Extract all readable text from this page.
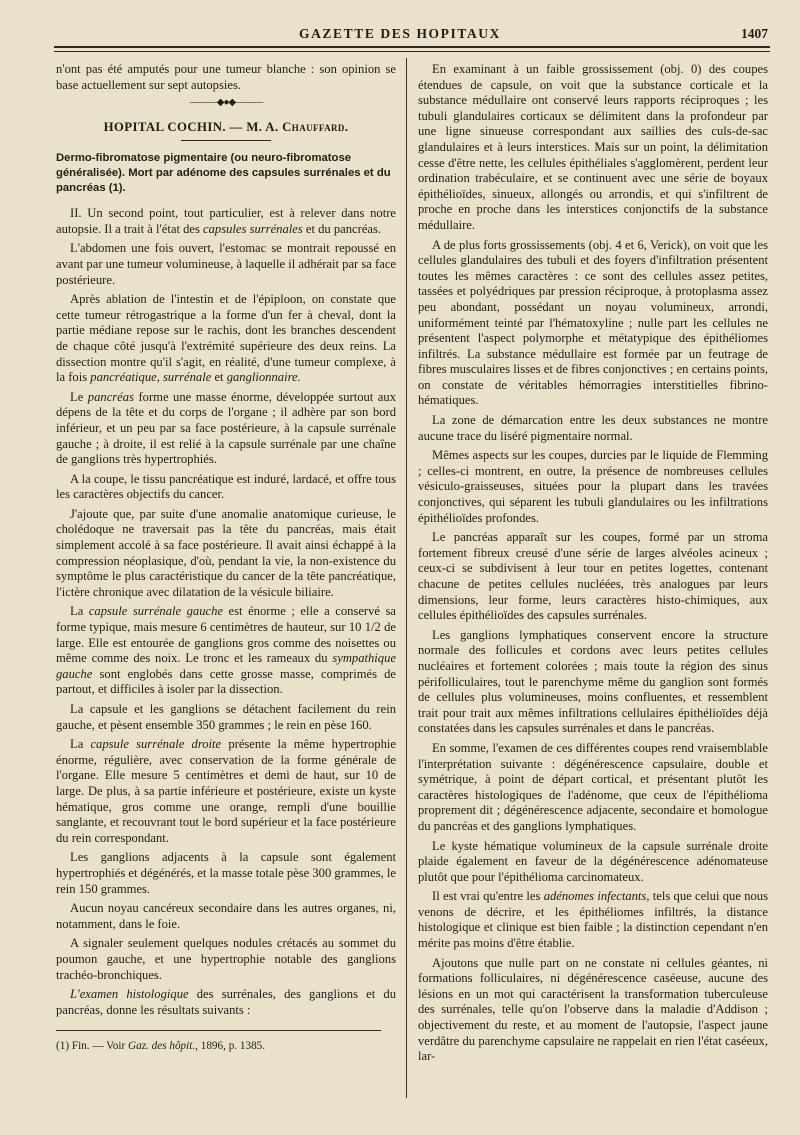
GAZETTE DES HOPITAUX	1407

n'ont pas été amputés pour une tumeur blanche : son opinion se base actuellement sur sept autopsies.

———◆●◆———
HOPITAL COCHIN. — M. A. Chauffard.
Dermo-fibromatose pigmentaire (ou neuro-fibromatose généralisée). Mort par adénome des capsules surrénales et du pancréas (1).

II. Un second point, tout particulier, est à relever dans notre autopsie. Il a trait à l'état des capsules surrénales et du pancréas.

L'abdomen une fois ouvert, l'estomac se montrait repoussé en avant par une tumeur volumineuse, à laquelle il adhérait par sa face postérieure.

Après ablation de l'intestin et de l'épiploon, on constate que cette tumeur rétrogastrique a la forme d'un fer à cheval, dont la partie médiane repose sur le rachis, dont les branches descendent de chaque côté jusqu'à l'extrémité supérieure des deux reins. La dissection montre qu'il s'agit, en réalité, d'une tumeur complexe, à la fois pancréatique, surrénale et ganglionnaire.

Le pancréas forme une masse énorme, développée surtout aux dépens de la tête et du corps de l'organe ; il adhère par son bord inférieur, et un peu par sa face postérieure, à la capsule surrénale gauche ; à droite, il est relié à la capsule surrénale par une chaîne de ganglions très hypertrophiés.

A la coupe, le tissu pancréatique est induré, lardacé, et offre tous les caractères objectifs du cancer.

J'ajoute que, par suite d'une anomalie anatomique curieuse, le cholédoque ne traversait pas la tête du pancréas, mais était simplement accolé à sa face postérieure. Il avait ainsi échappé à la compression néoplasique, d'où, pendant la vie, la non-existence du symptôme le plus caractéristique du cancer de la tête pancréatique, l'ictère chronique avec dilatation de la vésicule biliaire.

La capsule surrénale gauche est énorme ; elle a conservé sa forme typique, mais mesure 6 centimètres de hauteur, sur 10 1/2 de large. Elle est entourée de ganglions gros comme des noisettes ou même comme des noix. Le tronc et les rameaux du sympathique gauche sont englobés dans cette grosse masse, comprimés de partout, et difficiles à isoler par la dissection.

La capsule et les ganglions se détachent facilement du rein gauche, et pèsent ensemble 350 grammes ; le rein en pèse 160.

La capsule surrénale droite présente la même hypertrophie énorme, régulière, avec conservation de la forme générale de l'organe. Elle mesure 5 centimètres et demi de haut, sur 10 de large. De plus, à sa partie inférieure et postérieure, existe un kyste hématique, gros comme une orange, rempli d'une bouillie sanglante, et recouvrant tout le bord supérieur et la face postérieure du rein correspondant.

Les ganglions adjacents à la capsule sont également hypertrophiés et dégénérés, et la masse totale pèse 300 grammes, le rein 150 grammes.

Aucun noyau cancéreux secondaire dans les autres organes, ni, notamment, dans le foie.

A signaler seulement quelques nodules crétacés au sommet du poumon gauche, et une hypertrophie notable des ganglions trachéo-bronchiques.

L'examen histologique des surrénales, des ganglions et du pancréas, donne les résultats suivants :

(1) Fin. — Voir Gaz. des hôpit., 1896, p. 1385.

En examinant à un faible grossissement (obj. 0) des coupes étendues de capsule, on voit que la substance corticale et la substance médullaire ont conservé leurs rapports réciproques ; les tubuli glandulaires corticaux se délimitent dans la profondeur par une ligne sinueuse correspondant aux saillies des culs-de-sac glandulaires et à leurs interstices. Mais sur un point, la délimitation cesse d'être nette, les cellules épithéliales s'agglomèrent, perdent leur ordination trabéculaire, et se continuent avec une série de boyaux épithélioïdes, sinueux, allongés ou arrondis, et qui s'infiltrent de proche en proche dans les interstices conjonctifs de la substance médullaire.

A de plus forts grossissements (obj. 4 et 6, Verick), on voit que les cellules glandulaires des tubuli et des foyers d'infiltration présentent toutes les mêmes caractères : ce sont des cellules assez petites, tassées et polyédriques par pression réciproque, à protoplasma assez peu abondant, possédant un noyau volumineux, arrondi, uniformément teinté par l'hématoxyline ; nulle part les cellules ne présentent l'aspect polymorphe et métatypique des épithéliomes infiltrés. La substance médullaire est formée par un feutrage de fibres musculaires lisses et de fibres conjonctives ; en certains points, on constate de véritables hémorragies interstitielles fibrino-hématiques.

La zone de démarcation entre les deux substances ne montre aucune trace du liséré pigmentaire normal.

Mêmes aspects sur les coupes, durcies par le liquide de Flemming ; celles-ci montrent, en outre, la présence de nombreuses cellules vésiculo-graisseuses, situées pour la plupart dans les travées conjonctives, qui séparent les tubuli glandulaires ou les infiltrations épithélioïdes profondes.

Le pancréas apparaît sur les coupes, formé par un stroma fortement fibreux creusé d'une série de larges alvéoles acineux ; ceux-ci se subdivisent à leur tour en petites logettes, contenant chacune de petites cellules nucléées, très analogues par leurs dimensions, leur forme, leurs caractères histo-chimiques, aux cellules épithélioïdes des capsules surrénales.

Les ganglions lymphatiques conservent encore la structure normale des follicules et cordons avec leurs petites cellules nucléaires et fortement colorées ; mais toute la région des sinus périfolliculaires, tout le parenchyme même du ganglion sont formés de cellules plus volumineuses, moins confluentes, et ressemblent trait pour trait aux mêmes infiltrations cellulaires épithélioïdes déjà constatées dans les capsules surrénales et dans le pancréas.

En somme, l'examen de ces différentes coupes rend vraisemblable l'interprétation suivante : dégénérescence capsulaire, double et symétrique, à point de départ cortical, et présentant plutôt les caractères histologiques de l'adénome, que ceux de l'épithélioma proprement dit ; dégénérescence adjacente, secondaire et homologue du pancréas et des ganglions lymphatiques.

Le kyste hématique volumineux de la capsule surrénale droite plaide également en faveur de la dégénérescence adénomateuse plutôt que pour l'épithélioma carcinomateux.

Il est vrai qu'entre les adénomes infectants, tels que celui que nous venons de décrire, et les épithéliomes infiltrés, la distance histologique et clinique est bien faible ; la distinction cependant n'en mérite pas moins d'être établie.

Ajoutons que nulle part on ne constate ni cellules géantes, ni formations folliculaires, ni dégénérescence caséeuse, aucune des lésions en un mot qui caractérisent la transformation tuberculeuse des surrénales, telle qu'on l'observe dans la maladie d'Addison ; objectivement du reste, et au moment de l'autopsie, l'aspect jaune verdâtre du parenchyme capsulaire ne rappelait en rien l'état caséeux, lar-
